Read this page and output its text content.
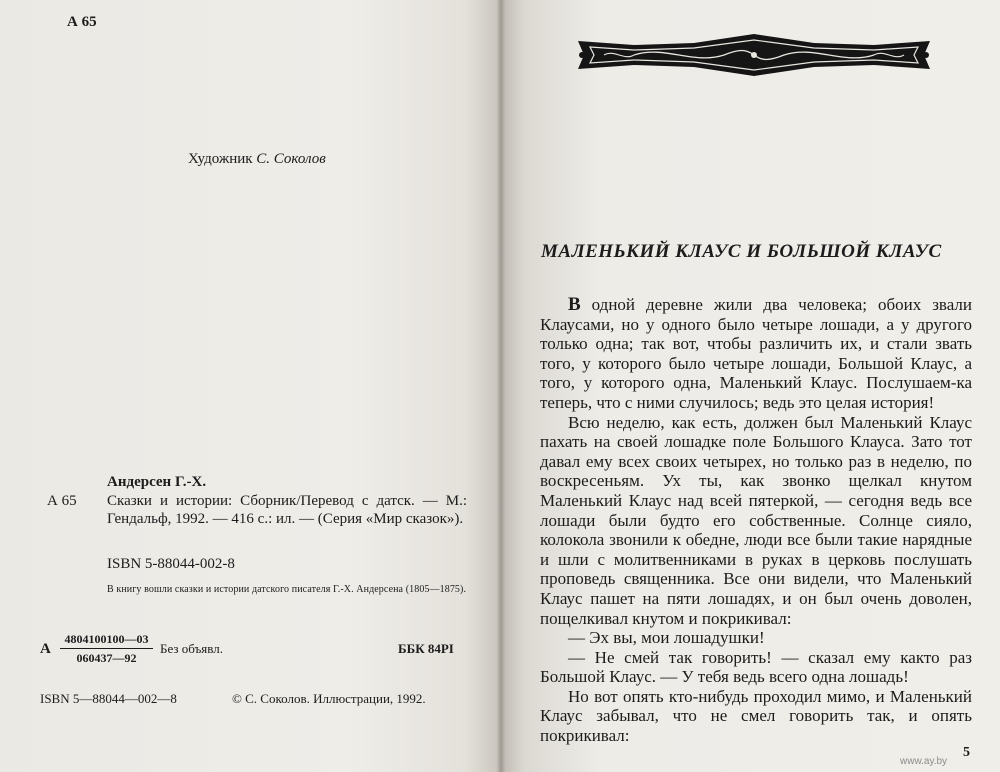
А 65
Художник С. Соколов
Андерсен Г.-Х.
А 65 Сказки и истории: Сборник/Перевод с датск. — М.: Гендальф, 1992. — 416 с.: ил. — (Серия «Мир сказок»).
ISBN 5-88044-002-8
В книгу вошли сказки и истории датского писателя Г.-Х. Андерсена (1805—1875).
А
4804100100—03
060437—92
Без объявл.	ББК 84РI
ISBN 5—88044—002—8	© С. Соколов. Иллюстрации, 1992.
МАЛЕНЬКИЙ КЛАУС И БОЛЬШОЙ КЛАУС

В одной деревне жили два человека; обоих звали Клаусами, но у одного было четыре лошади, а у другого только одна; так вот, чтобы различить их, и стали звать того, у которого было четыре лошади, Большой Клаус, а того, у которого одна, Маленький Клаус. Послушаем-ка теперь, что с ними случилось; ведь это целая история!

Всю неделю, как есть, должен был Маленький Клаус пахать на своей лошадке поле Большого Клауса. Зато тот давал ему всех своих четырех, но только раз в неделю, по воскресеньям. Ух ты, как звонко щелкал кнутом Маленький Клаус над всей пятеркой, — сегодня ведь все лошади были будто его собственные. Солнце сияло, колокола звонили к обедне, люди все были такие нарядные и шли с молитвенниками в руках в церковь послушать проповедь священника. Все они видели, что Маленький Клаус пашет на пяти лошадях, и он был очень доволен, пощелкивал кнутом и покрикивал:

— Эх вы, мои лошадушки!

— Не смей так говорить! — сказал ему както раз Большой Клаус. — У тебя ведь всего одна лошадь!

Но вот опять кто-нибудь проходил мимо, и Маленький Клаус забывал, что не смел говорить так, и опять покрикивал:

5
www.ay.by
